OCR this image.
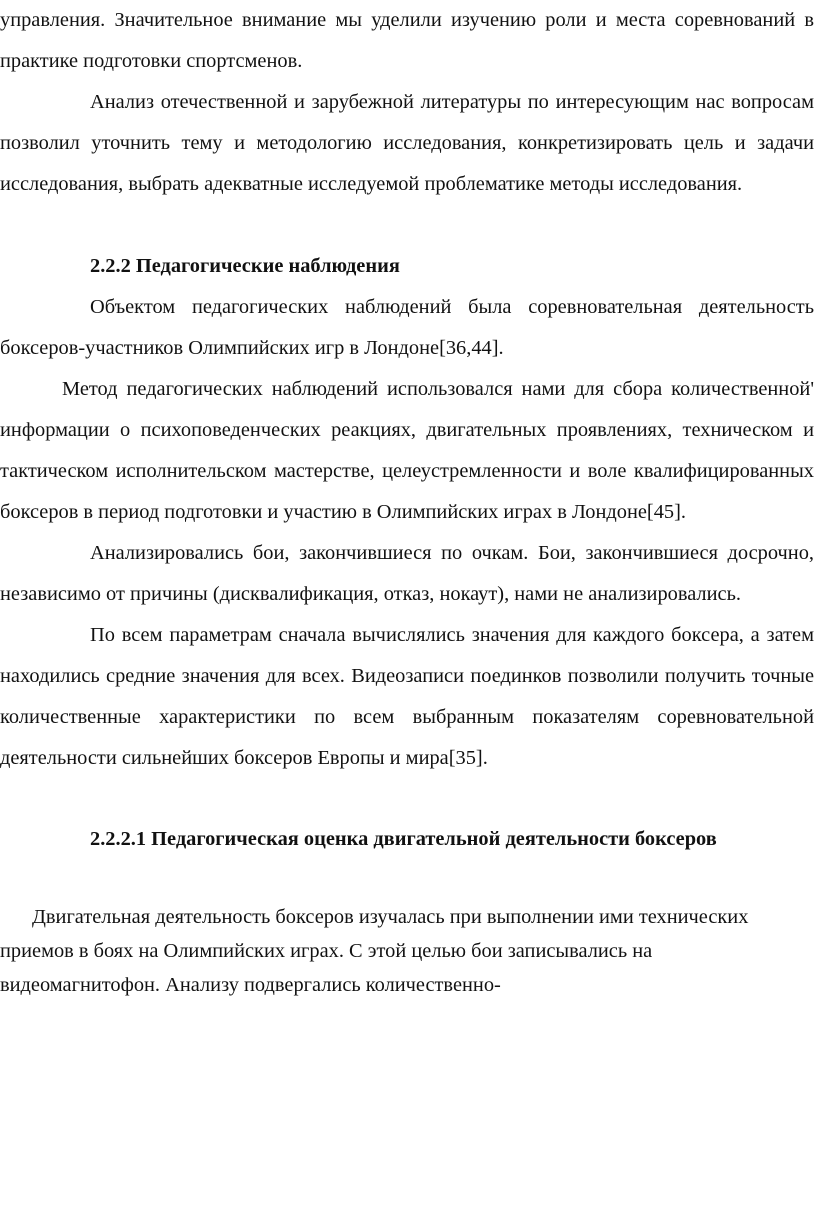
управления. Значительное внимание мы уделили изучению роли и места соревнований в практике подготовки спортсменов.

Анализ отечественной и зарубежной литературы по интересующим нас вопросам позволил уточнить тему и методологию исследования, конкретизировать цель и задачи исследования, выбрать адекватные исследуемой проблематике методы исследования.

2.2.2 Педагогические наблюдения

Объектом педагогических наблюдений была соревновательная деятельность боксеров-участников Олимпийских игр в Лондоне[36,44].

Метод педагогических наблюдений использовался нами для сбора количественной' информации о психоповеденческих реакциях, двигательных проявлениях, техническом и тактическом исполнительском мастерстве, целеустремленности и воле квалифицированных боксеров в период подготовки и участию в Олимпийских играх в Лондоне[45].

Анализировались бои, закончившиеся по очкам. Бои, закончившиеся досрочно, независимо от причины (дисквалификация, отказ, нокаут), нами не анализировались.

По всем параметрам сначала вычислялись значения для каждого боксера, а затем находились средние значения для всех. Видеозаписи поединков позволили получить точные количественные характеристики по всем выбранным показателям соревновательной деятельности сильнейших боксеров Европы и мира[35].

2.2.2.1 Педагогическая оценка двигательной деятельности боксеров

Двигательная деятельность боксеров изучалась при выполнении ими технических приемов в боях на Олимпийских играх. С этой целью бои записывались на видеомагнитофон. Анализу подвергались количественно-
